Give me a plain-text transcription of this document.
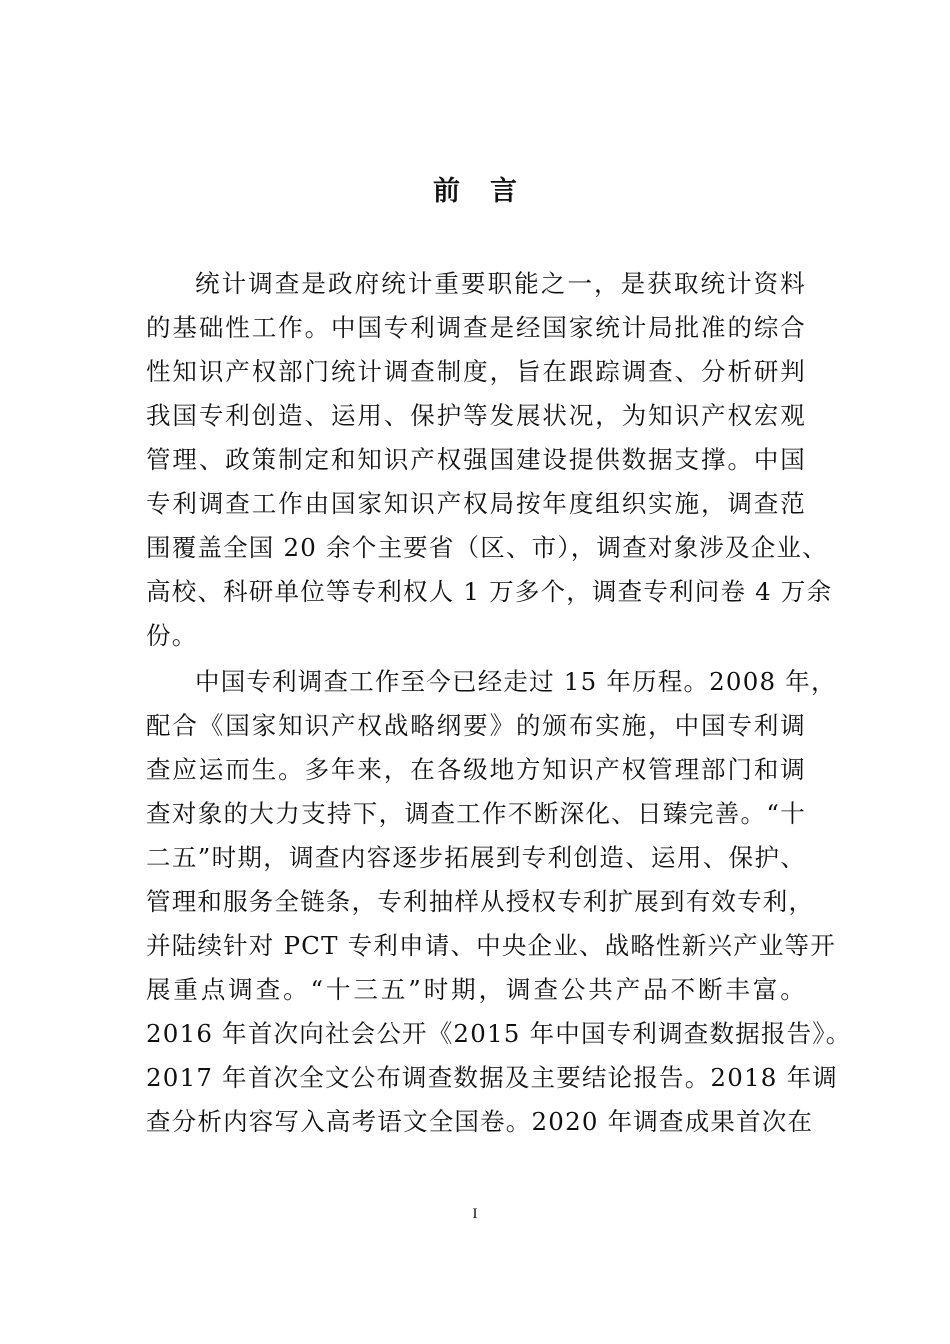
前言
统计调查是政府统计重要职能之一，是获取统计资料
的基础性工作。中国专利调查是经国家统计局批准的综合
性知识产权部门统计调查制度，旨在跟踪调查、分析研判
我国专利创造、运用、保护等发展状况，为知识产权宏观
管理、政策制定和知识产权强国建设提供数据支撑。中国
专利调查工作由国家知识产权局按年度组织实施，调查范
围覆盖全国 20 余个主要省（区、市），调查对象涉及企业、
高校、科研单位等专利权人 1 万多个，调查专利问卷 4 万余
份。
中国专利调查工作至今已经走过 15 年历程。2008 年，
配合《国家知识产权战略纲要》的颁布实施，中国专利调
查应运而生。多年来，在各级地方知识产权管理部门和调
查对象的大力支持下，调查工作不断深化、日臻完善。“十
二五”时期，调查内容逐步拓展到专利创造、运用、保护、
管理和服务全链条，专利抽样从授权专利扩展到有效专利，
并陆续针对 PCT 专利申请、中央企业、战略性新兴产业等开
展重点调查。“十三五”时期，调查公共产品不断丰富。
2016 年首次向社会公开《2015 年中国专利调查数据报告》。
2017 年首次全文公布调查数据及主要结论报告。2018 年调
查分析内容写入高考语文全国卷。2020 年调查成果首次在
I
